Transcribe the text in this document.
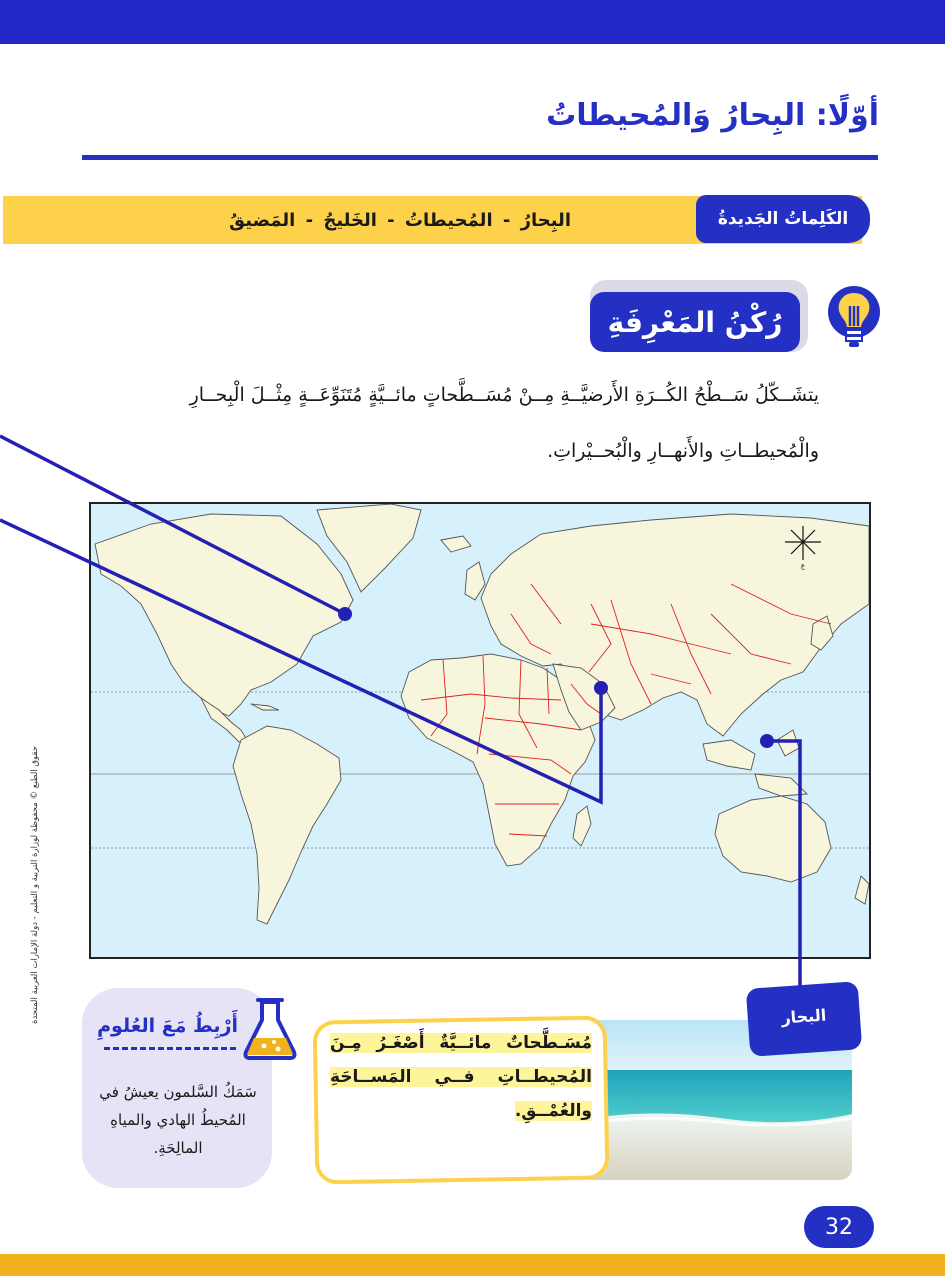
أوّلًا: البِحارُ وَالمُحيطاتُ
البِحارُ - المُحيطاتُ - الخَليجُ - المَضيقُ	الكَلِماتُ الجَديدةُ
رُكْنُ المَعْرِفَةِ
يتشَــكّلُ سَــطْحُ الكُــرَةِ الأَرضيَّــةِ مِــنْ مُسَــطَّحاتٍ مائــيَّةٍ مُتَنَوِّعَــةٍ مِثْــلَ الْبِحــارِ
والْمُحيطــاتِ والأَنهــارِ والْبُحــيْراتِ.
ع
حقوق الطبع © محفوظة لوزارة التربية و التعليم - دولة الإمارات العربية المتحدة
أَرْبِطُ مَعَ العُلومِ
سَمَكُ السَّلمون يعيشُ في المُحيطُ الهادي والمياهِ المالِحَةِ.
البحار
مُسَـطَّحاتٌ مائــيَّةٌ أَصْغَـرُ مِـنَ المُحيطــاتِ فــي المَســاحَةِ والعُمْــقِ.
32
